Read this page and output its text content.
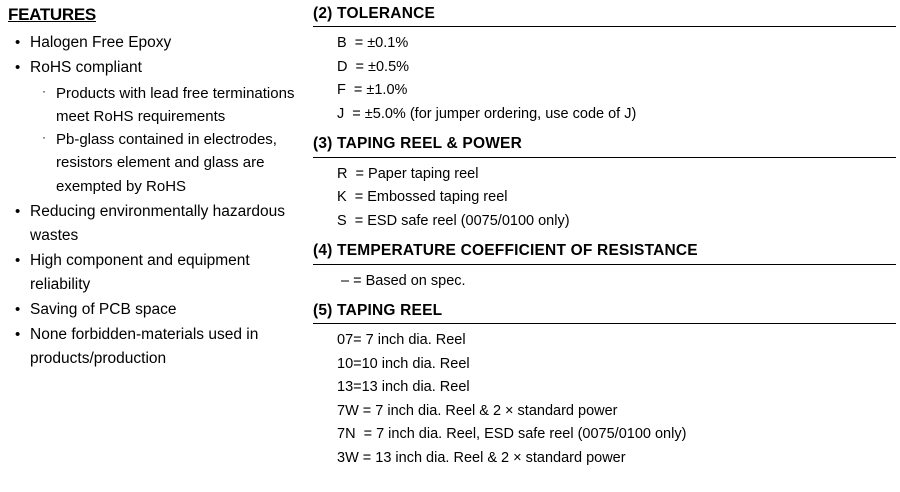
FEATURES
• Halogen Free Epoxy
• RoHS compliant
· Products with lead free terminations meet RoHS requirements
· Pb-glass contained in electrodes, resistors element and glass are exempted by RoHS
• Reducing environmentally hazardous wastes
• High component and equipment reliability
• Saving of PCB space
• None forbidden-materials used in products/production
(2) TOLERANCE
B  = ±0.1%
D  = ±0.5%
F  = ±1.0%
J  = ±5.0% (for jumper ordering, use code of J)
(3) TAPING REEL & POWER
R  = Paper taping reel
K  = Embossed taping reel
S  = ESD safe reel (0075/0100 only)
(4) TEMPERATURE COEFFICIENT OF RESISTANCE
– = Based on spec.
(5) TAPING REEL
07= 7 inch dia. Reel
10=10 inch dia. Reel
13=13 inch dia. Reel
7W = 7 inch dia. Reel & 2 × standard power
7N  = 7 inch dia. Reel, ESD safe reel (0075/0100 only)
3W = 13 inch dia. Reel & 2 × standard power
